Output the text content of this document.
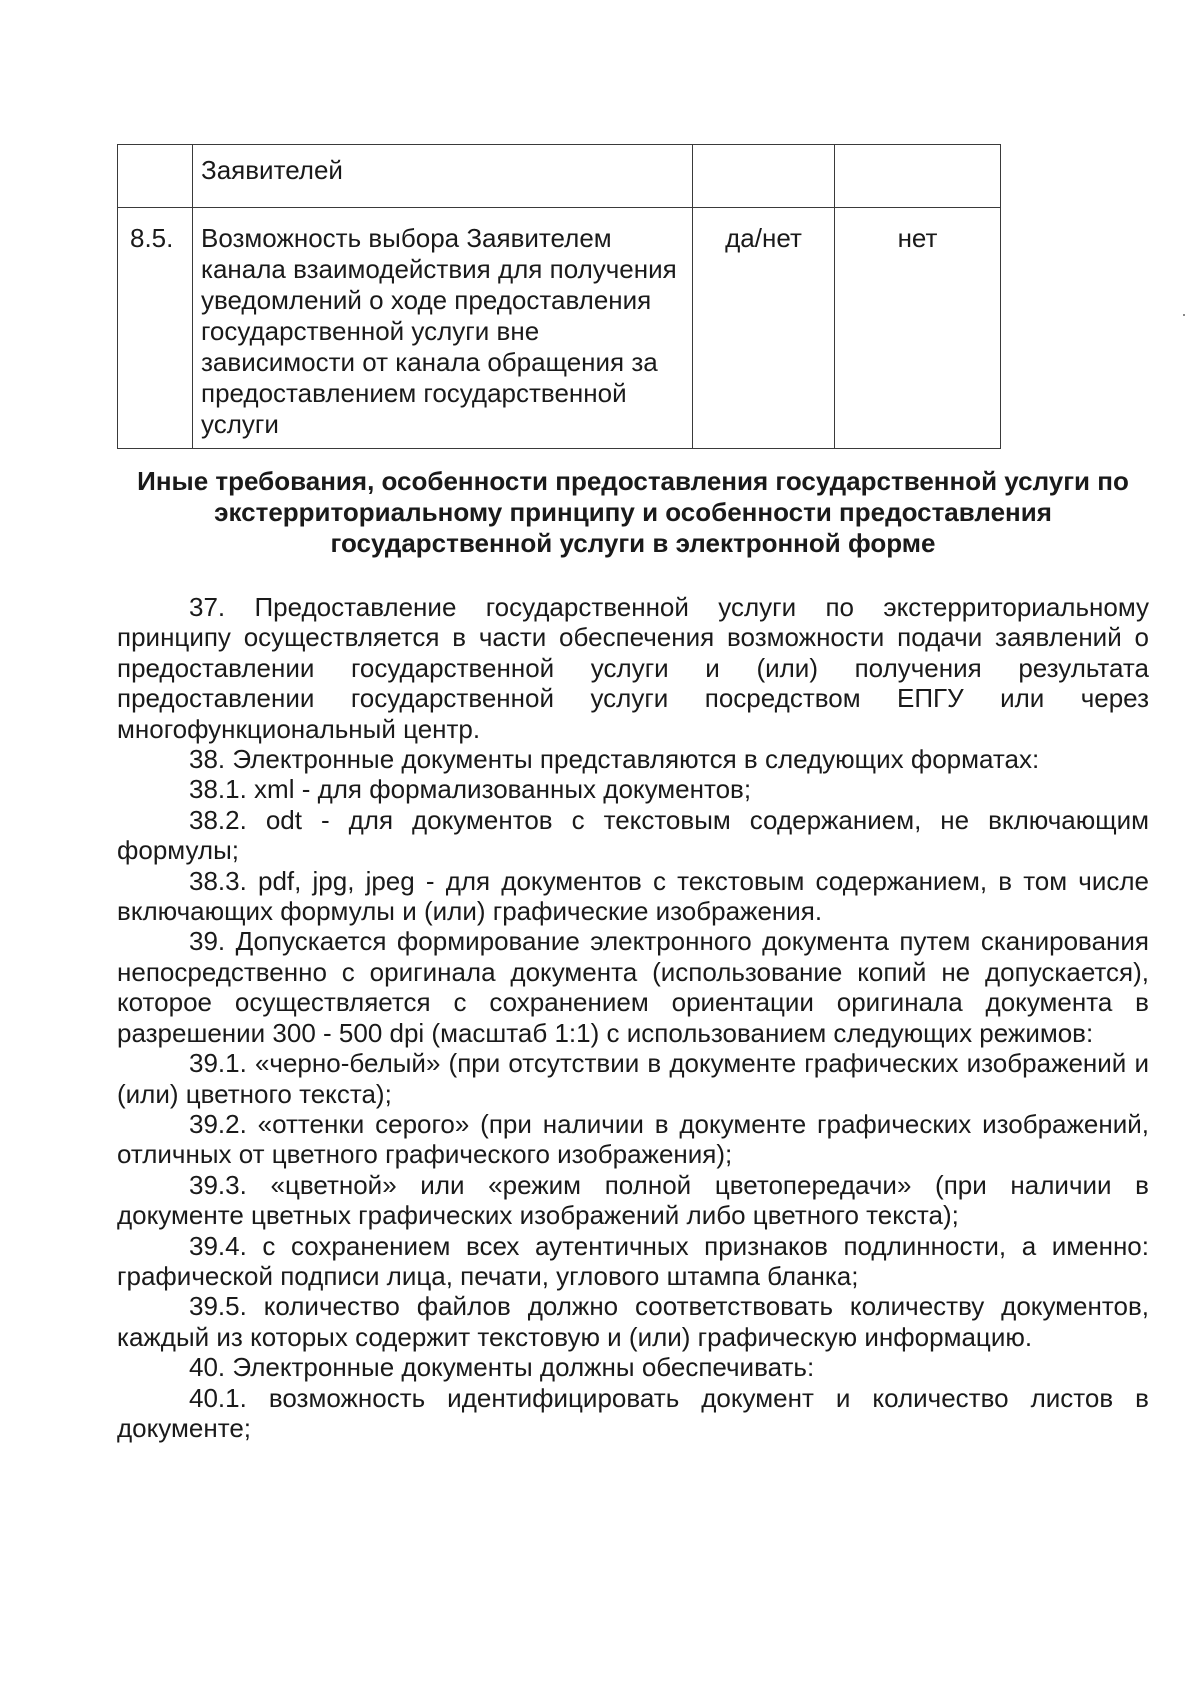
	Заявителей		
8.5.	Возможность выбора Заявителем канала взаимодействия для получения уведомлений о ходе предоставления государственной услуги вне зависимости от канала обращения за предоставлением государственной услуги	да/нет	нет
Иные требования, особенности предоставления государственной услуги по экстерриториальному принципу и особенности предоставления государственной услуги в электронной форме

37. Предоставление государственной услуги по экстерриториальному принципу осуществляется в части обеспечения возможности подачи заявлений о предоставлении государственной услуги и (или) получения результата предоставлении государственной услуги посредством ЕПГУ или через многофункциональный центр.

38. Электронные документы представляются в следующих форматах:

38.1. xml - для формализованных документов;

38.2. odt - для документов с текстовым содержанием, не включающим формулы;

38.3. pdf, jpg, jpeg - для документов с текстовым содержанием, в том числе включающих формулы и (или) графические изображения.

39. Допускается формирование электронного документа путем сканирования непосредственно с оригинала документа (использование копий не допускается), которое осуществляется с сохранением ориентации оригинала документа в разрешении 300 - 500 dpi (масштаб 1:1) с использованием следующих режимов:

39.1. «черно-белый» (при отсутствии в документе графических изображений и (или) цветного текста);

39.2. «оттенки серого» (при наличии в документе графических изображений, отличных от цветного графического изображения);

39.3. «цветной» или «режим полной цветопередачи» (при наличии в документе цветных графических изображений либо цветного текста);

39.4. с сохранением всех аутентичных признаков подлинности, а именно: графической подписи лица, печати, углового штампа бланка;

39.5. количество файлов должно соответствовать количеству документов, каждый из которых содержит текстовую и (или) графическую информацию.

40. Электронные документы должны обеспечивать:

40.1. возможность идентифицировать документ и количество листов в документе;
